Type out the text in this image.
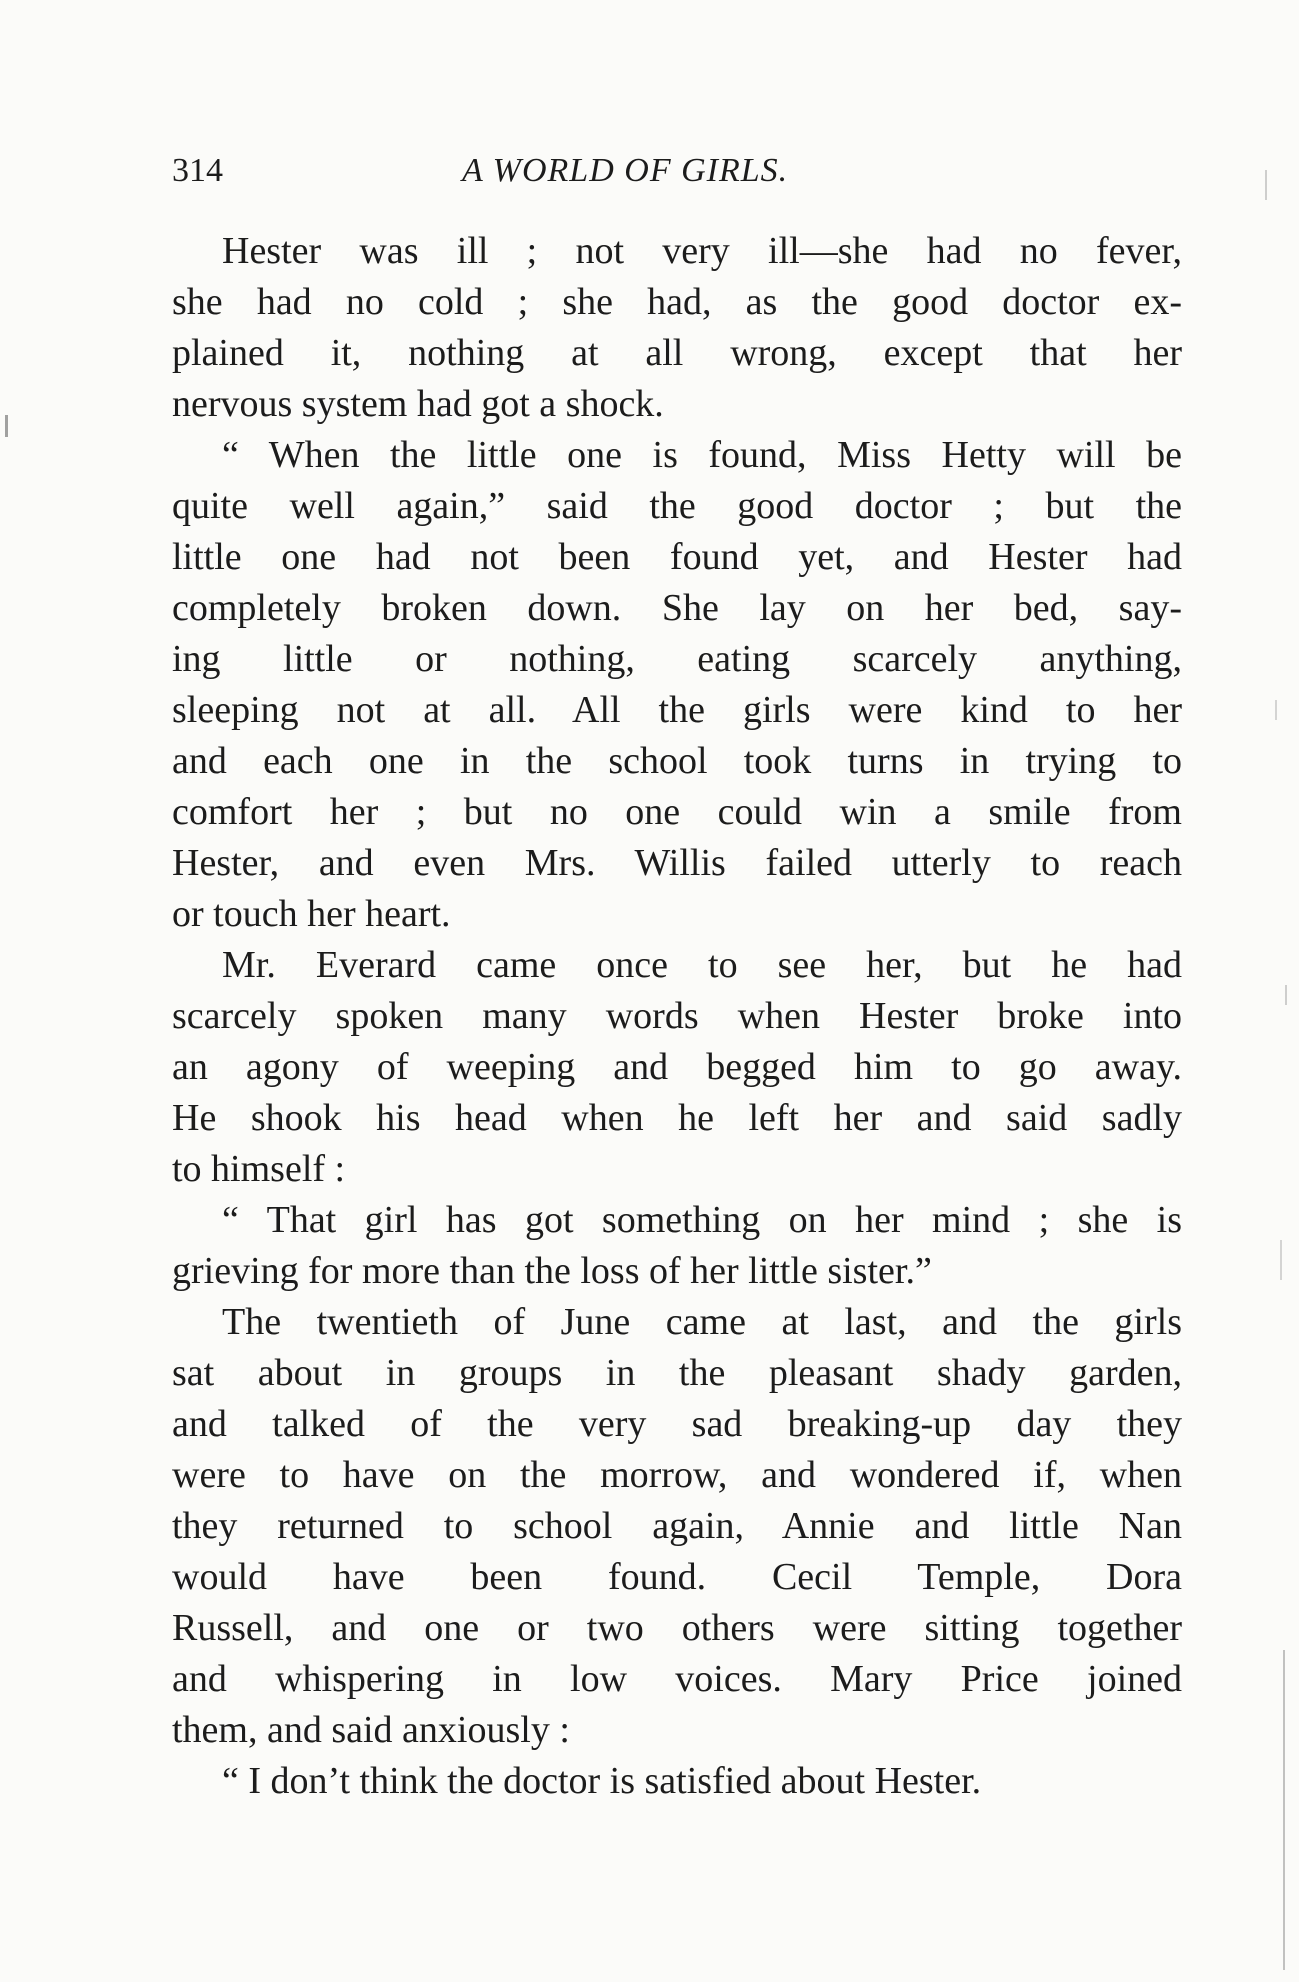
314	A WORLD OF GIRLS.
Hester was ill ; not very ill—she had no fever,
she had no cold ; she had, as the good doctor ex-
plained it, nothing at all wrong, except that her
nervous system had got a shock.
“ When the little one is found, Miss Hetty will be
quite well again,” said the good doctor ; but the
little one had not been found yet, and Hester had
completely broken down. She lay on her bed, say-
ing little or nothing, eating scarcely anything,
sleeping not at all. All the girls were kind to her
and each one in the school took turns in trying to
comfort her ; but no one could win a smile from
Hester, and even Mrs. Willis failed utterly to reach
or touch her heart.
Mr. Everard came once to see her, but he had
scarcely spoken many words when Hester broke into
an agony of weeping and begged him to go away.
He shook his head when he left her and said sadly
to himself :
“ That girl has got something on her mind ; she is
grieving for more than the loss of her little sister.”
The twentieth of June came at last, and the girls
sat about in groups in the pleasant shady garden,
and talked of the very sad breaking-up day they
were to have on the morrow, and wondered if, when
they returned to school again, Annie and little Nan
would have been found. Cecil Temple, Dora
Russell, and one or two others were sitting together
and whispering in low voices. Mary Price joined
them, and said anxiously :
“ I don’t think the doctor is satisfied about Hester.
